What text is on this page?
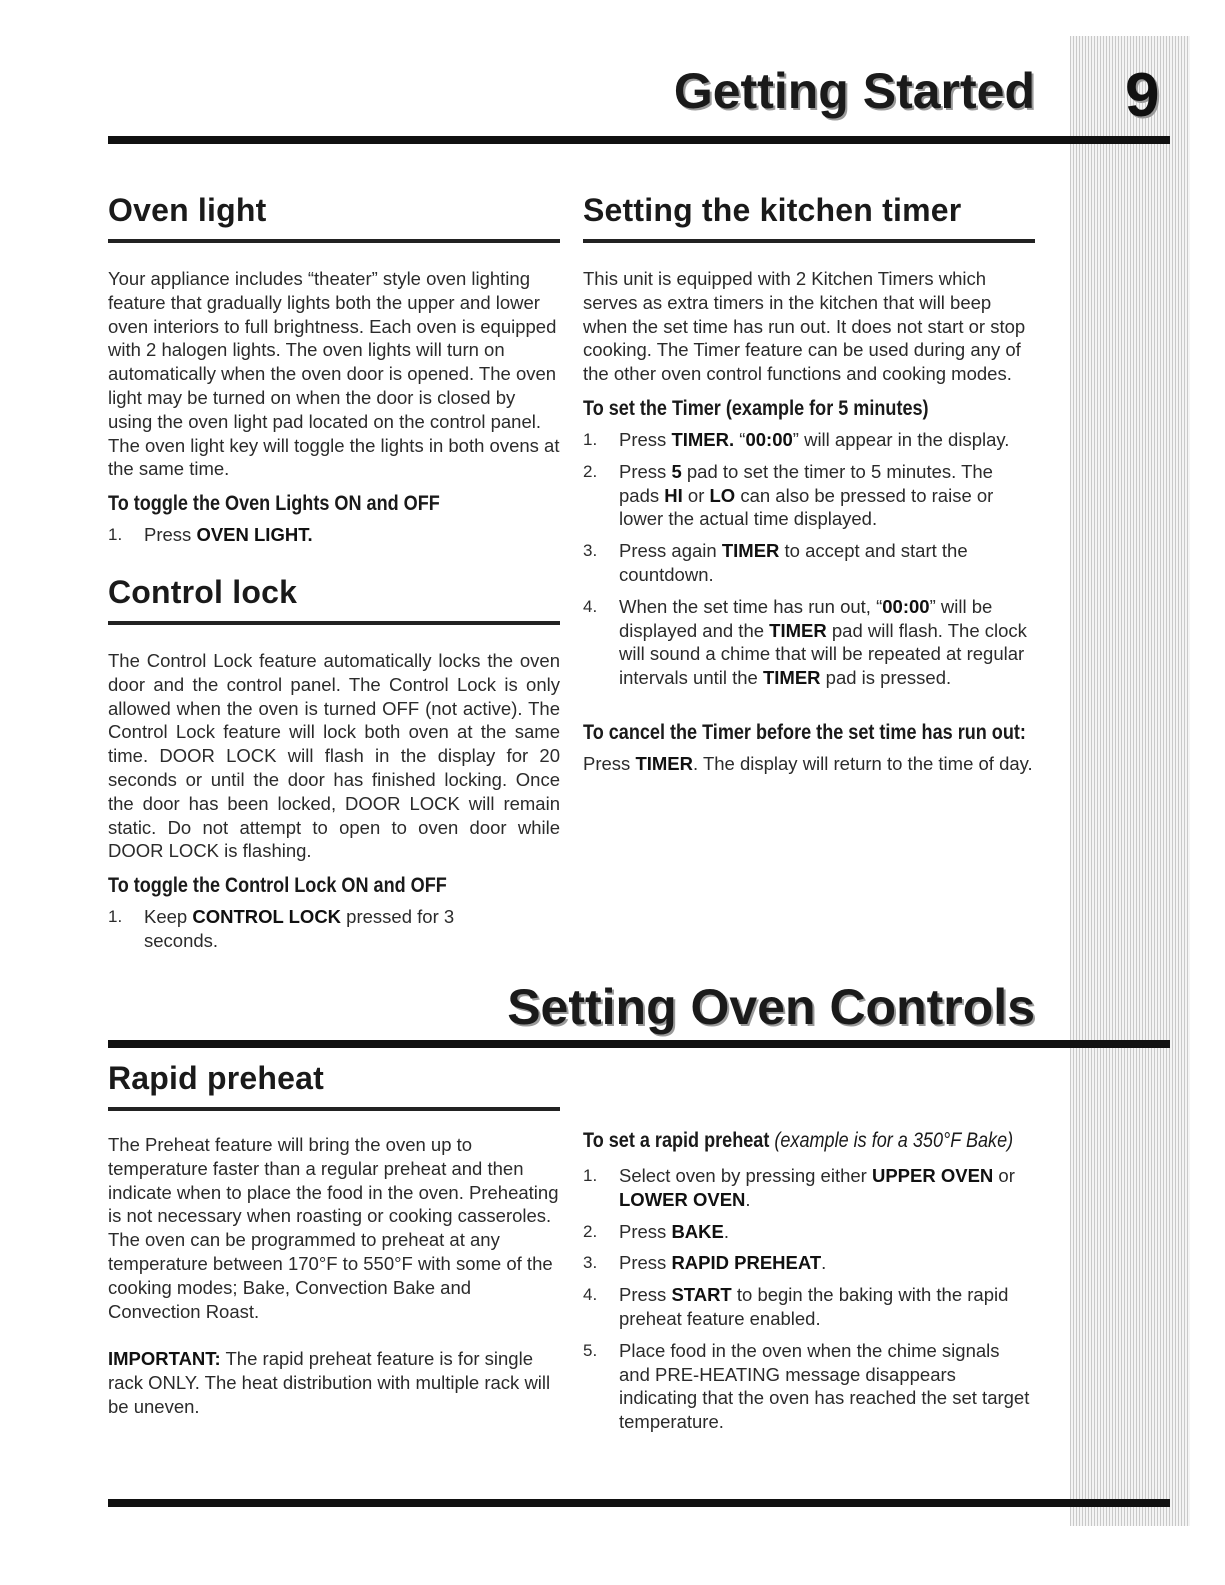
9
Getting Started
Oven light

Your appliance includes “theater” style oven lighting feature that gradually lights both the upper and lower oven interiors to full brightness. Each oven is equipped with 2 halogen lights. The oven lights will turn on automatically when the oven door is opened. The oven light may be turned on when the door is closed by using the oven light pad located on the control panel. The oven light key will toggle the lights in both ovens at the same time.

To toggle the Oven Lights ON and OFF
1. Press OVEN LIGHT.
Control lock

The Control Lock feature automatically locks the oven door and the control panel. The Control Lock is only allowed when the oven is turned OFF (not active). The Control Lock feature will lock both oven at the same time. DOOR LOCK will flash in the display for 20 seconds or until the door has finished locking. Once the door has been locked, DOOR LOCK will remain static. Do not attempt to open to oven door while DOOR LOCK is flashing.

To toggle the Control Lock ON and OFF
1. Keep CONTROL LOCK pressed for 3 seconds.
Setting the kitchen timer

This unit is equipped with 2 Kitchen Timers which serves as extra timers in the kitchen that will beep when the set time has run out. It does not start or stop cooking. The Timer feature can be used during any of the other oven control functions and cooking modes.

To set the Timer (example for 5 minutes)
1. Press TIMER. “00:00” will appear in the display.
2. Press 5 pad to set the timer to 5 minutes. The pads HI or LO can also be pressed to raise or lower the actual time displayed.
3. Press again TIMER to accept and start the countdown.
4. When the set time has run out, “00:00” will be displayed and the TIMER pad will flash. The clock will sound a chime that will be repeated at regular intervals until the TIMER pad is pressed.
To cancel the Timer before the set time has run out:

Press TIMER. The display will return to the time of day.

Setting Oven Controls
Rapid preheat

The Preheat feature will bring the oven up to temperature faster than a regular preheat and then indicate when to place the food in the oven. Preheating is not necessary when roasting or cooking casseroles. The oven can be programmed to preheat at any temperature between 170°F to 550°F with some of the cooking modes; Bake, Convection Bake and Convection Roast.

IMPORTANT: The rapid preheat feature is for single rack ONLY. The heat distribution with multiple rack will be uneven.

To set a rapid preheat (example is for a 350°F Bake)
1. Select oven by pressing either UPPER OVEN or LOWER OVEN.
2. Press BAKE.
3. Press RAPID PREHEAT.
4. Press START to begin the baking with the rapid preheat feature enabled.
5. Place food in the oven when the chime signals and PRE-HEATING message disappears indicating that the oven has reached the set target temperature.
